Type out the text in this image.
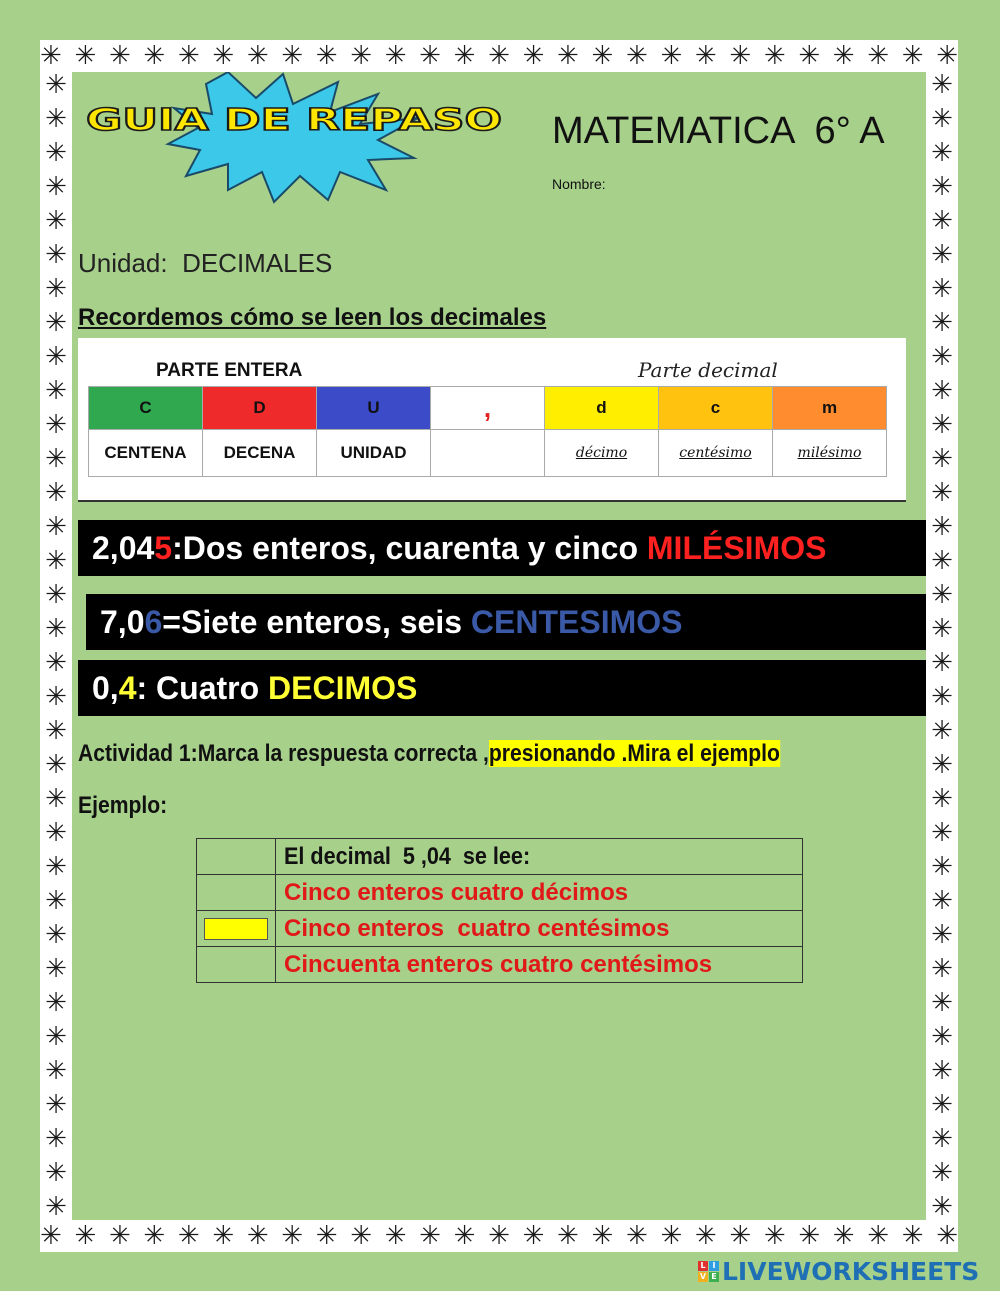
✳ ✳ ✳ ✳ ✳ ✳ ✳ ✳ ✳ ✳ ✳ ✳ ✳ ✳ ✳ ✳ ✳ ✳ ✳ ✳ ✳ ✳ ✳ ✳ ✳ ✳ ✳
✳ ✳ ✳ ✳ ✳ ✳ ✳ ✳ ✳ ✳ ✳ ✳ ✳ ✳ ✳ ✳ ✳ ✳ ✳ ✳ ✳ ✳ ✳ ✳ ✳ ✳ ✳
✳
✳
✳
✳
✳
✳
✳
✳
✳
✳
✳
✳
✳
✳
✳
✳
✳
✳
✳
✳
✳
✳
✳
✳
✳
✳
✳
✳
✳
✳
✳
✳
✳
✳
✳
✳
✳
✳
✳
✳
✳
✳
✳
✳
✳
✳
✳
✳
✳
✳
✳
✳
✳
✳
✳
✳
✳
✳
✳
✳
✳
✳
✳
✳
✳
✳
✳
✳
GUIA DE REPASO MATEMATICA  6° A
Nombre:
Unidad:  DECIMALES
Recordemos cómo se leen los decimales
PARTE ENTERA	Parte decimal
C	D	U	,	d	c	m
CENTENA	DECENA	UNIDAD		décimo	centésimo	milésimo
2,045:Dos enteros, cuarenta y cinco MILÉSIMOS
7,06=Siete enteros, seis CENTESIMOS
0,4: Cuatro DECIMOS
Actividad 1:Marca la respuesta correcta ,presionando .Mira el ejemplo
Ejemplo:
	El decimal  5 ,04  se lee:
	Cinco enteros cuatro décimos
	Cinco enteros  cuatro centésimos
	Cincuenta enteros cuatro centésimos
L I
V E LIVEWORKSHEETS
